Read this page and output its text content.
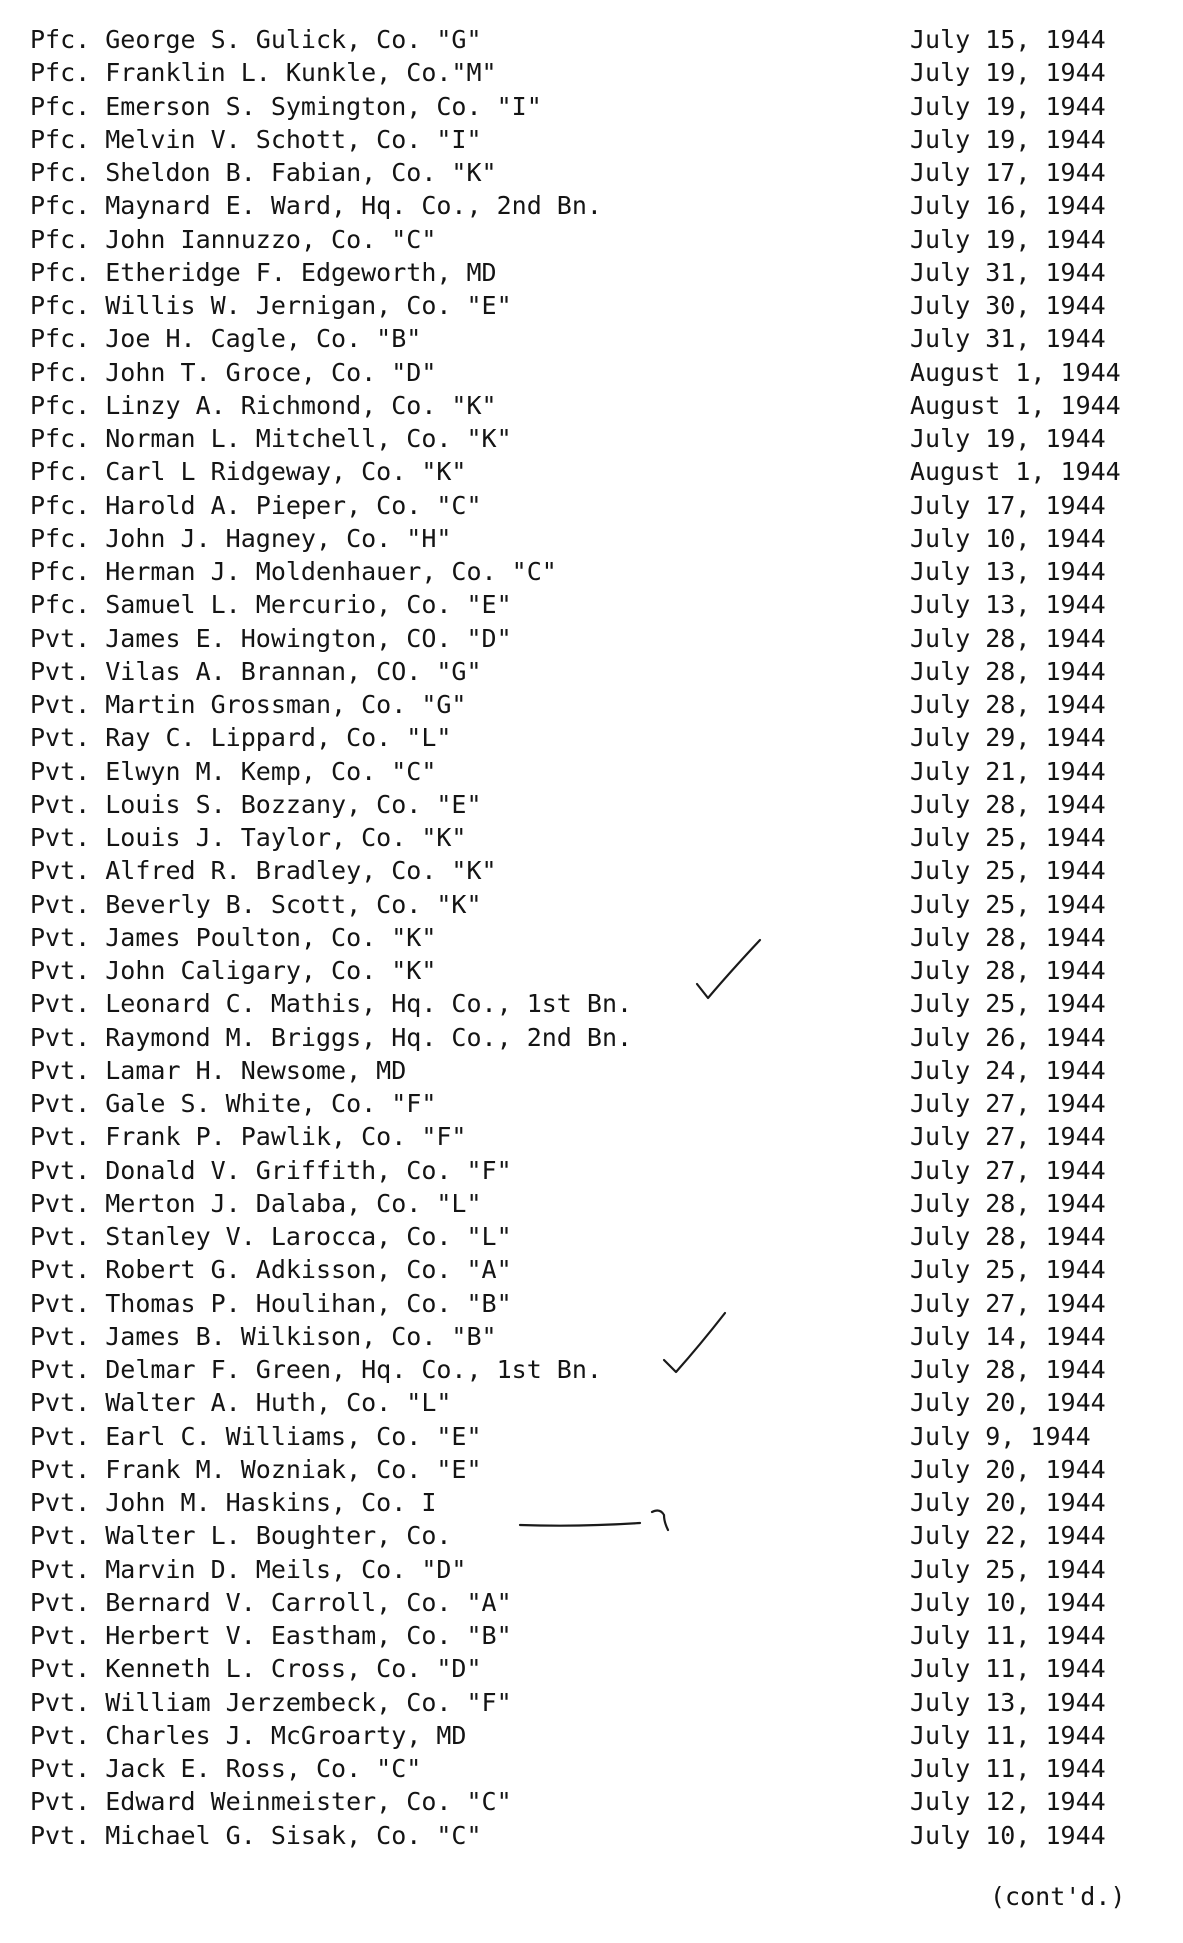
Pfc. George S. Gulick, Co. "G"	July 15, 1944
Pfc. Franklin L. Kunkle, Co."M"	July 19, 1944
Pfc. Emerson S. Symington, Co. "I"	July 19, 1944
Pfc. Melvin V. Schott, Co. "I"	July 19, 1944
Pfc. Sheldon B. Fabian, Co. "K"	July 17, 1944
Pfc. Maynard E. Ward, Hq. Co., 2nd Bn.	July 16, 1944
Pfc. John Iannuzzo, Co. "C"	July 19, 1944
Pfc. Etheridge F. Edgeworth, MD	July 31, 1944
Pfc. Willis W. Jernigan, Co. "E"	July 30, 1944
Pfc. Joe H. Cagle, Co. "B"	July 31, 1944
Pfc. John T. Groce, Co. "D"	August 1, 1944
Pfc. Linzy A. Richmond, Co. "K"	August 1, 1944
Pfc. Norman L. Mitchell, Co. "K"	July 19, 1944
Pfc. Carl L Ridgeway, Co. "K"	August 1, 1944
Pfc. Harold A. Pieper, Co. "C"	July 17, 1944
Pfc. John J. Hagney, Co. "H"	July 10, 1944
Pfc. Herman J. Moldenhauer, Co. "C"	July 13, 1944
Pfc. Samuel L. Mercurio, Co. "E"	July 13, 1944
Pvt. James E. Howington, CO. "D"	July 28, 1944
Pvt. Vilas A. Brannan, CO. "G"	July 28, 1944
Pvt. Martin Grossman, Co. "G"	July 28, 1944
Pvt. Ray C. Lippard, Co. "L"	July 29, 1944
Pvt. Elwyn M. Kemp, Co. "C"	July 21, 1944
Pvt. Louis S. Bozzany, Co. "E"	July 28, 1944
Pvt. Louis J. Taylor, Co. "K"	July 25, 1944
Pvt. Alfred R. Bradley, Co. "K"	July 25, 1944
Pvt. Beverly B. Scott, Co. "K"	July 25, 1944
Pvt. James Poulton, Co. "K"	July 28, 1944
Pvt. John Caligary, Co. "K"	July 28, 1944
Pvt. Leonard C. Mathis, Hq. Co., 1st Bn.	July 25, 1944
Pvt. Raymond M. Briggs, Hq. Co., 2nd Bn.	July 26, 1944
Pvt. Lamar H. Newsome, MD	July 24, 1944
Pvt. Gale S. White, Co. "F"	July 27, 1944
Pvt. Frank P. Pawlik, Co. "F"	July 27, 1944
Pvt. Donald V. Griffith, Co. "F"	July 27, 1944
Pvt. Merton J. Dalaba, Co. "L"	July 28, 1944
Pvt. Stanley V. Larocca, Co. "L"	July 28, 1944
Pvt. Robert G. Adkisson, Co. "A"	July 25, 1944
Pvt. Thomas P. Houlihan, Co. "B"	July 27, 1944
Pvt. James B. Wilkison, Co. "B"	July 14, 1944
Pvt. Delmar F. Green, Hq. Co., 1st Bn.	July 28, 1944
Pvt. Walter A. Huth, Co. "L"	July 20, 1944
Pvt. Earl C. Williams, Co. "E"	July 9, 1944
Pvt. Frank M. Wozniak, Co. "E"	July 20, 1944
Pvt. John M. Haskins, Co. I	July 20, 1944
Pvt. Walter L. Boughter, Co.	July 22, 1944
Pvt. Marvin D. Meils, Co. "D"	July 25, 1944
Pvt. Bernard V. Carroll, Co. "A"	July 10, 1944
Pvt. Herbert V. Eastham, Co. "B"	July 11, 1944
Pvt. Kenneth L. Cross, Co. "D"	July 11, 1944
Pvt. William Jerzembeck, Co. "F"	July 13, 1944
Pvt. Charles J. McGroarty, MD	July 11, 1944
Pvt. Jack E. Ross, Co. "C"	July 11, 1944
Pvt. Edward Weinmeister, Co. "C"	July 12, 1944
Pvt. Michael G. Sisak, Co. "C"	July 10, 1944
(cont'd.)
